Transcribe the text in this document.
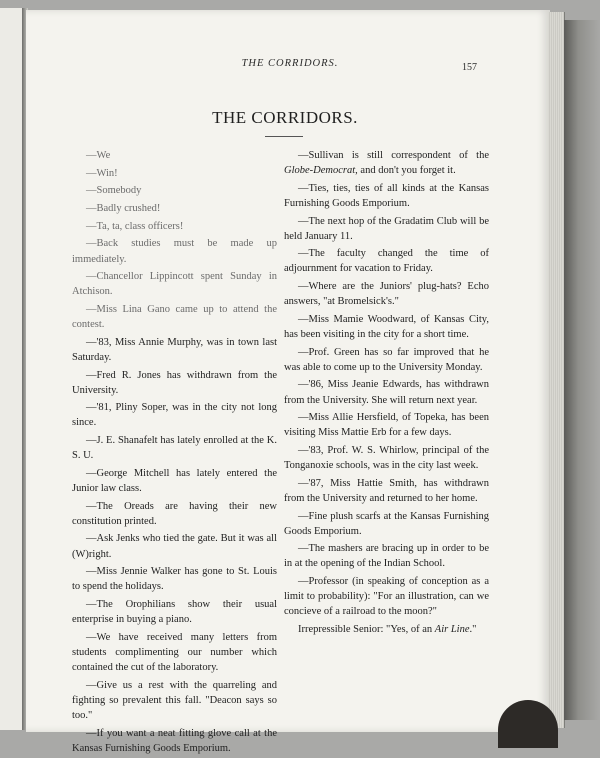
THE CORRIDORS.	157
THE CORRIDORS.

—We

—Win!

—Somebody

—Badly crushed!

—Ta, ta, class officers!

—Back studies must be made up immediately.

—Chancellor Lippincott spent Sunday in Atchison.

—Miss Lina Gano came up to attend the contest.

—'83, Miss Annie Murphy, was in town last Saturday.

—Fred R. Jones has withdrawn from the University.

—'81, Pliny Soper, was in the city not long since.

—J. E. Shanafelt has lately enrolled at the K. S. U.

—George Mitchell has lately entered the Junior law class.

—The Oreads are having their new constitution printed.

—Ask Jenks who tied the gate. But it was all (W)right.

—Miss Jennie Walker has gone to St. Louis to spend the holidays.

—The Orophilians show their usual enterprise in buying a piano.

—We have received many letters from students complimenting our number which contained the cut of the laboratory.

—Give us a rest with the quarreling and fighting so prevalent this fall. "Deacon says so too."

—If you want a neat fitting glove call at the Kansas Furnishing Goods Emporium.

—Sullivan is still correspondent of the Globe-Democrat, and don't you forget it.

—Ties, ties, ties of all kinds at the Kansas Furnishing Goods Emporium.

—The next hop of the Gradatim Club will be held January 11.

—The faculty changed the time of adjournment for vacation to Friday.

—Where are the Juniors' plug-hats? Echo answers, "at Bromelsick's."

—Miss Mamie Woodward, of Kansas City, has been visiting in the city for a short time.

—Prof. Green has so far improved that he was able to come up to the University Monday.

—'86, Miss Jeanie Edwards, has withdrawn from the University. She will return next year.

—Miss Allie Hersfield, of Topeka, has been visiting Miss Mattie Erb for a few days.

—'83, Prof. W. S. Whirlow, principal of the Tonganoxie schools, was in the city last week.

—'87, Miss Hattie Smith, has withdrawn from the University and returned to her home.

—Fine plush scarfs at the Kansas Furnishing Goods Emporium.

—The mashers are bracing up in order to be in at the opening of the Indian School.

—Professor (in speaking of conception as a limit to probability): "For an illustration, can we concieve of a railroad to the moon?"

Irrepressible Senior: "Yes, of an Air Line."
